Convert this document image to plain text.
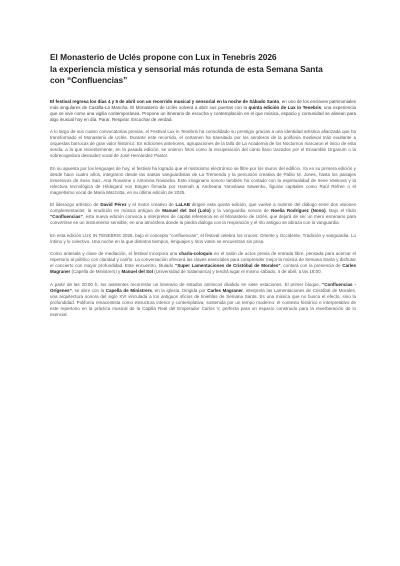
El Monasterio de Uclés propone con Lux in Tenebris 2026
la experiencia mística y sensorial más rotunda de esta Semana Santa
con “Confluencias”

El festival regresa los días 4 y 5 de abril con un recorrido musical y sensorial en la noche de Sábado Santo, en uno de los enclaves patrimoniales más singulares de Castilla-La Mancha. El Monasterio de Uclés volverá a abrir sus puertas con la quinta edición de Lux in Tenebris, una experiencia que se vive como una vigilia contemporánea. Propone un itinerario de escucha y contemplación en el que música, espacio y comunidad se alinean para algo inusual hoy en día. Parar. Respirar. Escuchar de verdad.

A lo largo de sus cuatro convocatorias previas, el Festival Lux in Tenebris ha consolidado su prestigio gracias a una identidad artística afianzada que ha transformado el Monasterio de Uclés. Durante este recorrido, el certamen ha transitado por los senderos de la polifonía medieval más exultante a orquestas barrocas de gran valor histórico. En ediciones anteriores, agrupaciones de la talla de La Academia de los Nocturnos marcaron el inicio de esta senda, a la que recientemente, en la pasada edición, se unieron hitos como la recuperación del canto llano trazados por el Ensamble Organum o la sobrecogedora desnudez vocal de José Hernández Pastor.

En su apuesta por los lenguajes de hoy, el festival ha logrado que el misticismo electrónico se filtre por los muros del edificio. Ya en su primera edición y desde hace cuatro años, integraron desde las saetas vanguardistas de La Tremenda y la percusión creativa de Pablo M. Jones, hasta los paisajes inmersivos de Suso Saiz, Ana Roxanne o Antonina Nowacka. Este imaginario sonoro también ha contado con la espiritualidad de Irene Vankova y la relectura tecnológica de Hildegard von Bingen firmada por Hannah & Andreana Yaroslawa Sawenko, figuras capitales como Raúl Refree o el magnetismo vocal de Maria Mazzotta, en su última edición de 2025.

El liderazgo artístico de David Pérez y el motor creativo de LaLAB dirigen esta quinta edición, que vuelve a nutrirse del diálogo entre dos visiones complementarias: la erudición en música antigua de Manuel del Sol (Lolo) y la vanguardia sonora de Noelia Rodríguez (Nono). Bajo el título “Confluencias”, esta nueva edición convoca a intérpretes de capital referencia en el Monasterio de Uclés, que dejará de ser un mero escenario para convertirse en un instrumento sensible, en una atmósfera donde la piedra dialoga con la respiración y el rito antiguo se abraza con la vanguardia.

En esta edición LUX IN TENEBRIS 2026, bajo el concepto “confluencias”, el festival celebra los cruces: Oriente y Occidente, Tradición y vanguardia. Lo íntimo y lo colectivo. Una noche en la que distintos tiempos, lenguajes y ritos voten se encuentran sin prisa.

Como antesala y clave de mediación, el festival incorpora una charla-coloquio en el salón de actos previa de entrada libre, pensada para acercar el repertorio al público con claridad y cariño. La conversación ofrecerá las claves esenciales para comprender mejor la música de Semana Santa y disfrutar el concierto con mayor profundidad. Este encuentro, titulado “Super Lamentaciones de Cristóbal de Morales”, contará con la presencia de Carles Magraner (Capella de Ministrers) y Manuel del Sol (Universidad de Salamanca) y tendrá lugar el mismo sábado, 4 de abril, a las 18:00.

A partir de las 20:00 h, los asistentes recorrerán un itinerario de estados anímicos dividido en siete estaciones. El primer bloque, “Confluencias - Orígenes”, se abre con la Capella de Ministrers, en la iglesia. Dirigida por Carles Magraner, interpreta las Lamentaciones de Cristóbal de Morales, una arquitectura sonora del siglo XVI vinculada a los antiguos oficios de tinieblas de Semana Santa. Es una música que no busca el efecto, sino la profundidad. Polifonía renacentista como estructura interior y contemplativa, sostenida por un tempo moderno: el contexto histórico e interpretativo de este repertorio en la práctica musical de la Capilla Real del Emperador Carlos V, perfecta para un espacio construido para la reverberación de lo esencial.
